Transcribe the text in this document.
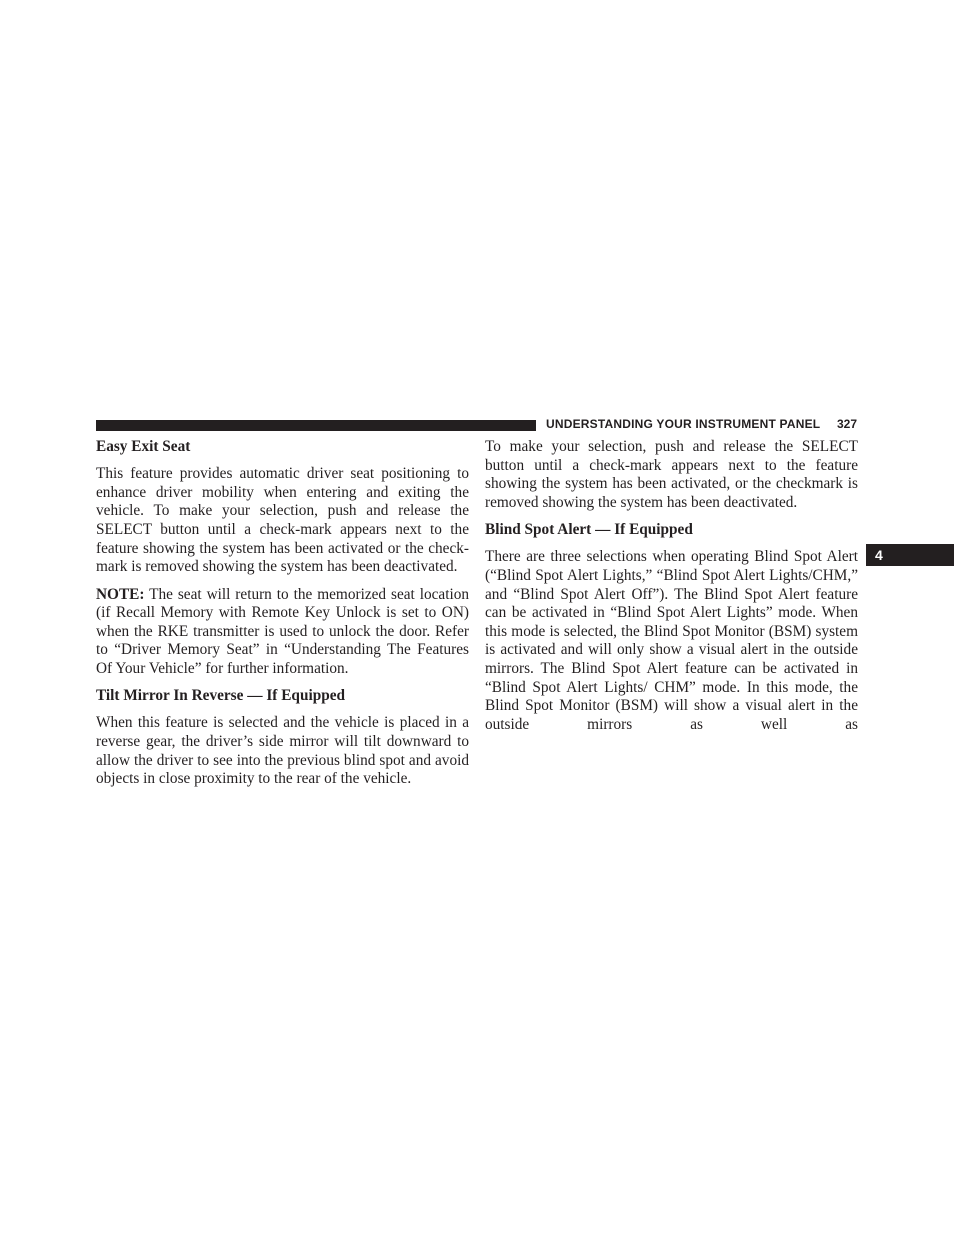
UNDERSTANDING YOUR INSTRUMENT PANEL 327
4
Easy Exit Seat

This feature provides automatic driver seat positioning to enhance driver mobility when entering and exiting the vehicle. To make your selection, push and release the SELECT button until a check-mark appears next to the feature showing the system has been activated or the check-mark is removed showing the system has been deactivated.

NOTE: The seat will return to the memorized seat location (if Recall Memory with Remote Key Unlock is set to ON) when the RKE transmitter is used to unlock the door. Refer to “Driver Memory Seat” in “Understanding The Features Of Your Vehicle” for further information.

Tilt Mirror In Reverse — If Equipped

When this feature is selected and the vehicle is placed in a reverse gear, the driver’s side mirror will tilt downward to allow the driver to see into the previous blind spot and avoid objects in close proximity to the rear of the vehicle.

To make your selection, push and release the SELECT button until a check-mark appears next to the feature showing the system has been activated, or the checkmark is removed showing the system has been deactivated.

Blind Spot Alert — If Equipped

There are three selections when operating Blind Spot Alert (“Blind Spot Alert Lights,” “Blind Spot Alert Lights/CHM,” and “Blind Spot Alert Off”). The Blind Spot Alert feature can be activated in “Blind Spot Alert Lights” mode. When this mode is selected, the Blind Spot Monitor (BSM) system is activated and will only show a visual alert in the outside mirrors. The Blind Spot Alert feature can be activated in “Blind Spot Alert Lights/ CHM” mode. In this mode, the Blind Spot Monitor (BSM) will show a visual alert in the outside mirrors as well as
